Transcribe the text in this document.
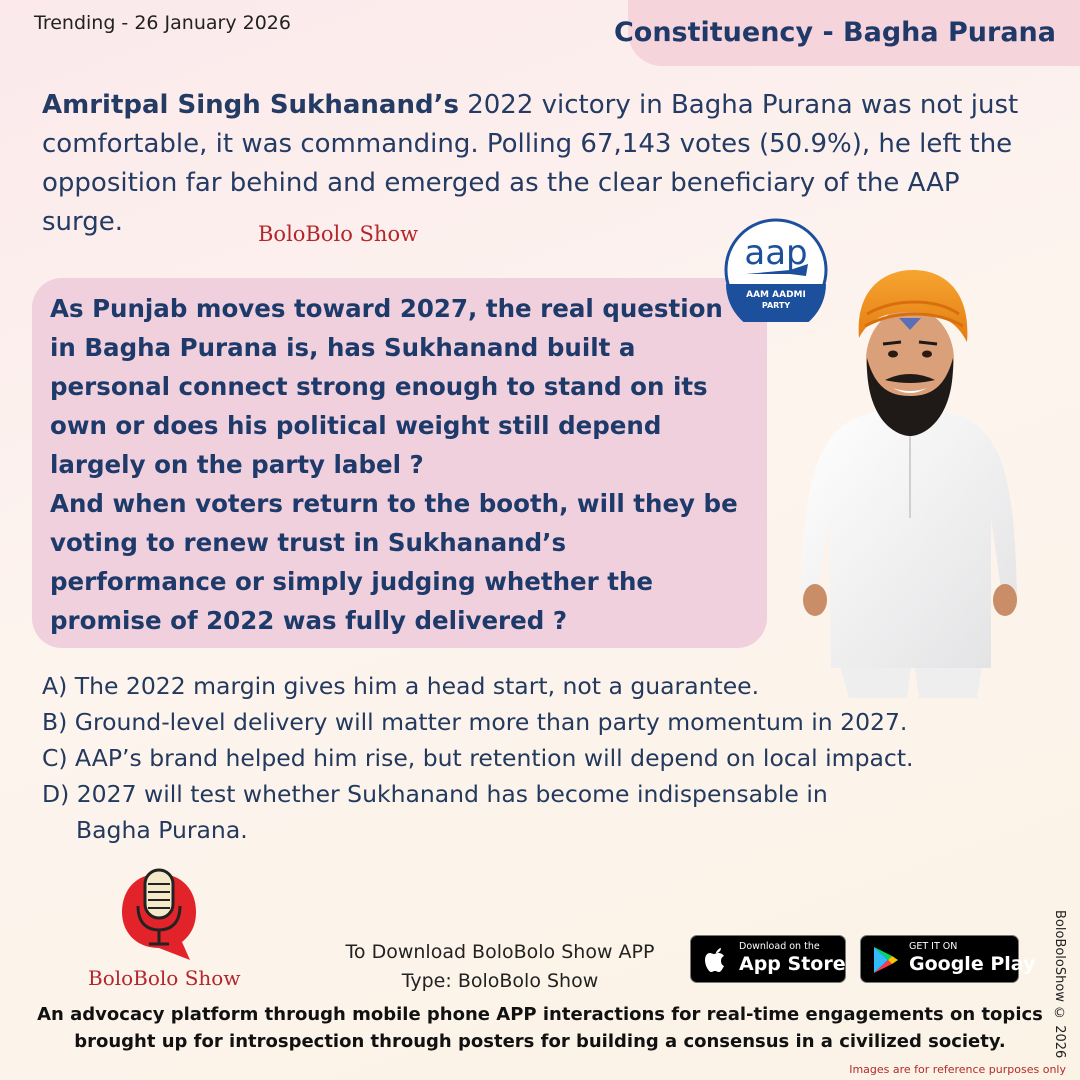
Trending - 26 January 2026	Constituency - Bagha Purana
Amritpal Singh Sukhanand’s 2022 victory in Bagha Purana was not just comfortable, it was commanding. Polling 67,143 votes (50.9%), he left the opposition far behind and emerged as the clear beneficiary of the AAP surge.	BoloBolo Show

As Punjab moves toward 2027, the real question in Bagha Purana is, has Sukhanand built a personal connect strong enough to stand on its own or does his political weight still depend largely on the party label ?

And when voters return to the booth, will they be voting to renew trust in Sukhanand’s performance or simply judging whether the promise of 2022 was fully delivered ?

aap
AAM AADMI
PARTY
A) The 2022 margin gives him a head start, not a guarantee.
B) Ground-level delivery will matter more than party momentum in 2027.
C) AAP’s brand helped him rise, but retention will depend on local impact.
D) 2027 will test whether Sukhanand has become indispensable in
Bagha Purana.
BoloBolo Show
To Download BoloBolo Show APP
Type: BoloBolo Show
Download on the
App Store
GET IT ON
Google Play
An advocacy platform through mobile phone APP interactions for real-time engagements on topics
brought up for introspection through posters for building a consensus in a civilized society.	BoloBoloShow © 2026
Images are for reference purposes only
